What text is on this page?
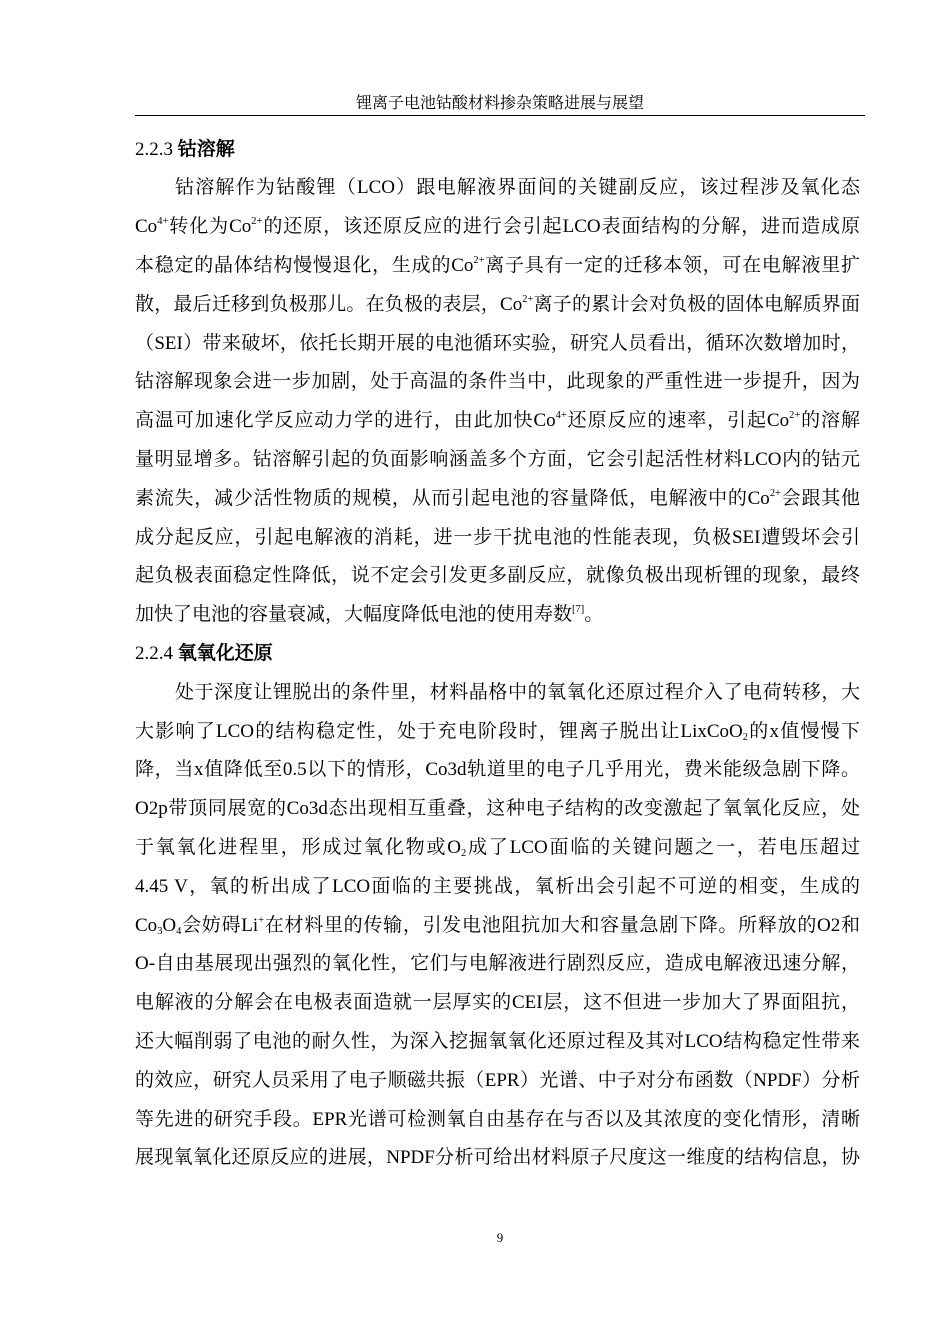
锂离子电池钴酸材料掺杂策略进展与展望
2.2.3 钴溶解
钴溶解作为钴酸锂（LCO）跟电解液界面间的关键副反应，该过程涉及氧化态
$Co^{4+}$转化为$Co^{2+}$的还原，该还原反应的进行会引起LCO表面结构的分解，进而造成原
本稳定的晶体结构慢慢退化，生成的$Co^{2+}$离子具有一定的迁移本领，可在电解液里扩
散，最后迁移到负极那儿。在负极的表层，$Co^{2+}$离子的累计会对负极的固体电解质界面
（SEI）带来破坏，依托长期开展的电池循环实验，研究人员看出，循环次数增加时，
钴溶解现象会进一步加剧，处于高温的条件当中，此现象的严重性进一步提升，因为
高温可加速化学反应动力学的进行，由此加快$Co^{4+}$还原反应的速率，引起$Co^{2+}$的溶解
量明显增多。钴溶解引起的负面影响涵盖多个方面，它会引起活性材料LCO内的钴元
素流失，减少活性物质的规模，从而引起电池的容量降低，电解液中的$Co^{2+}$会跟其他
成分起反应，引起电解液的消耗，进一步干扰电池的性能表现，负极SEI遭毁坏会引
起负极表面稳定性降低，说不定会引发更多副反应，就像负极出现析锂的现象，最终
加快了电池的容量衰减，大幅度降低电池的使用寿数[7]。
2.2.4 氧氧化还原
处于深度让锂脱出的条件里，材料晶格中的氧氧化还原过程介入了电荷转移，大
大影响了LCO的结构稳定性，处于充电阶段时，锂离子脱出让LixCoO$_2$的x值慢慢下
降，当x值降低至0.5以下的情形，Co3d轨道里的电子几乎用光，费米能级急剧下降。
O2p带顶同展宽的Co3d态出现相互重叠，这种电子结构的改变激起了氧氧化反应，处
于氧氧化进程里，形成过氧化物或$O_2$成了LCO面临的关键问题之一，若电压超过
4.45 V，氧的析出成了LCO面临的主要挑战，氧析出会引起不可逆的相变，生成的
$Co_3O_4$会妨碍Li+在材料里的传输，引发电池阻抗加大和容量急剧下降。所释放的O2和
O-自由基展现出强烈的氧化性，它们与电解液进行剧烈反应，造成电解液迅速分解，
电解液的分解会在电极表面造就一层厚实的CEI层，这不但进一步加大了界面阻抗，
还大幅削弱了电池的耐久性，为深入挖掘氧氧化还原过程及其对LCO结构稳定性带来
的效应，研究人员采用了电子顺磁共振（EPR）光谱、中子对分布函数（NPDF）分析
等先进的研究手段。EPR光谱可检测氧自由基存在与否以及其浓度的变化情形，清晰
展现氧氧化还原反应的进展，NPDF分析可给出材料原子尺度这一维度的结构信息，协
9
